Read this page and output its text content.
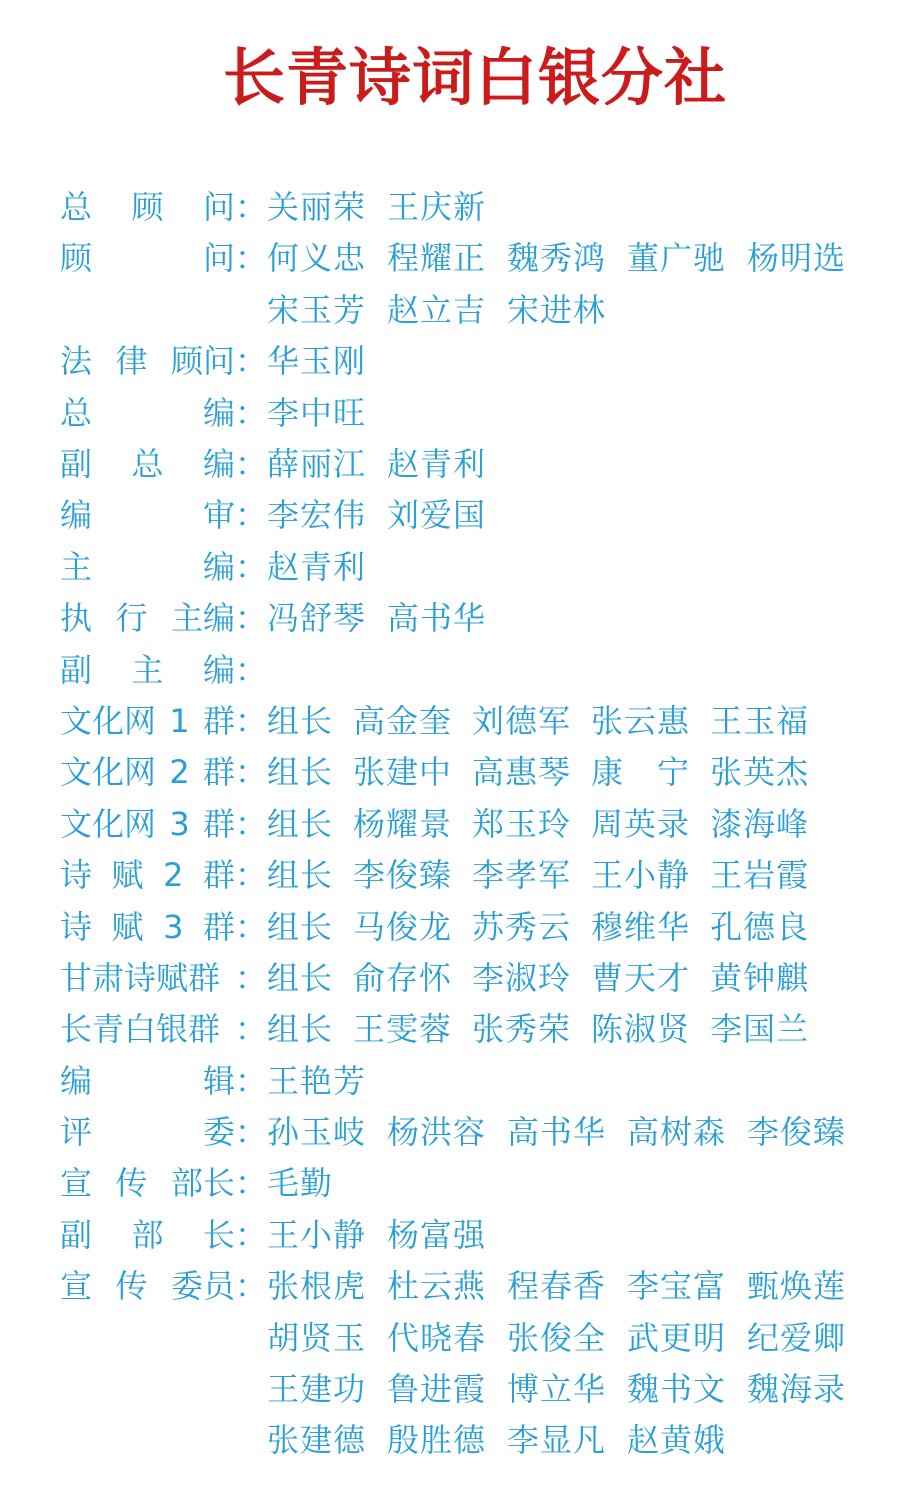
长青诗词白银分社
总 顾 问 ： 关丽荣 王庆新
顾	问 ： 何义忠 程耀正 魏秀鸿 董广驰 杨明选
宋玉芳 赵立吉 宋进林
法 律 顾问 ： 华玉刚
总	编 ： 李中旺
副 总 编 ： 薛丽江 赵青利
编	审 ： 李宏伟 刘爱国
主	编 ： 赵青利
执 行 主编 ： 冯舒琴 高书华
副 主 编 ：
文化网 1 群 ： 组长 高金奎 刘德军 张云惠 王玉福
文化网 2 群 ： 组长 张建中 高惠琴 康　宁 张英杰
文化网 3 群 ： 组长 杨耀景 郑玉玲 周英录 漆海峰
诗 赋 2 群 ： 组长 李俊臻 李孝军 王小静 王岩霞
诗 赋 3 群 ： 组长 马俊龙 苏秀云 穆维华 孔德良
甘肃诗赋群 ： 组长 俞存怀 李淑玲 曹天才 黄钟麒
长青白银群 ： 组长 王雯蓉 张秀荣 陈淑贤 李国兰
编	辑 ： 王艳芳
评	委 ： 孙玉岐 杨洪容 高书华 高树森 李俊臻
宣 传 部长 ： 毛勤
副 部 长 ： 王小静 杨富强
宣 传 委员 ： 张根虎 杜云燕 程春香 李宝富 甄焕莲
胡贤玉 代晓春 张俊全 武更明 纪爱卿
王建功 鲁进霞 博立华 魏书文 魏海录
张建德 殷胜德 李显凡 赵黄娥
